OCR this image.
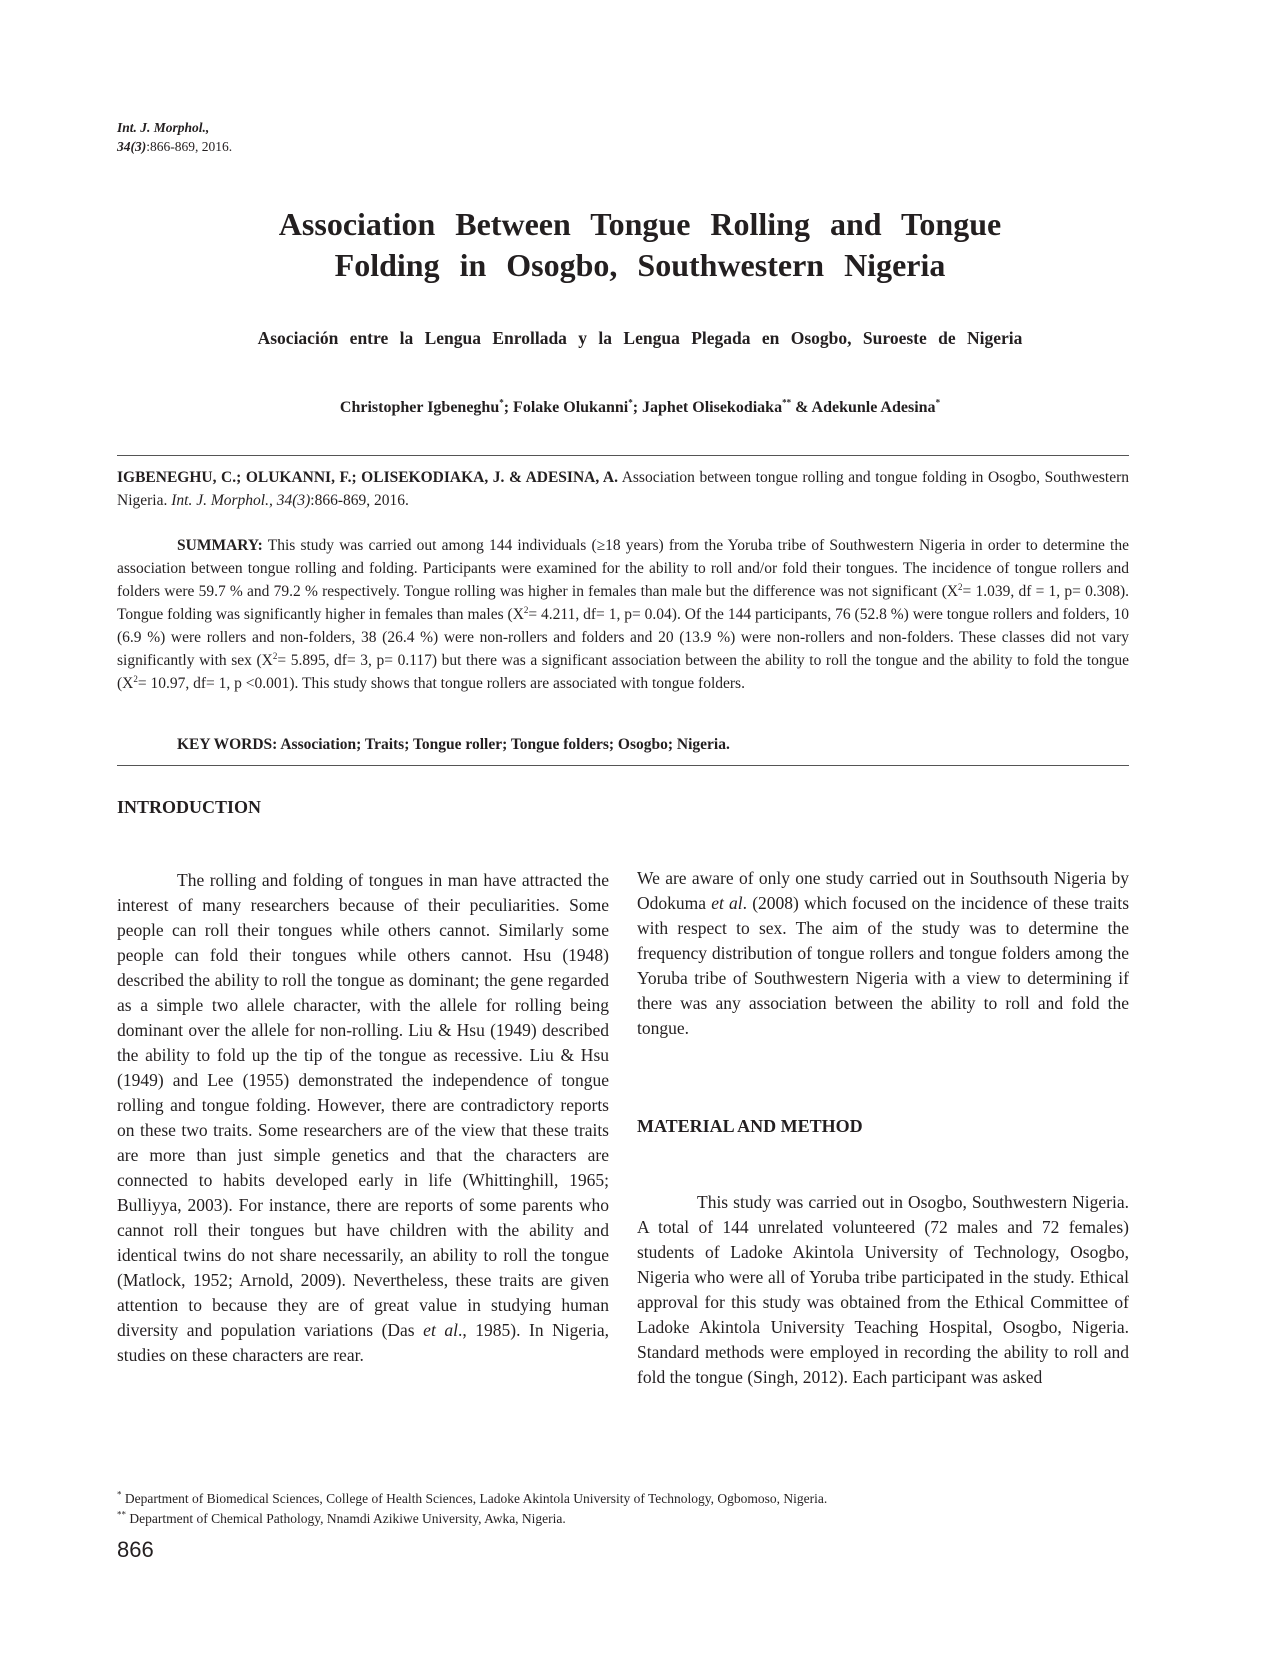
Int. J. Morphol.,
34(3):866-869, 2016.
Association Between Tongue Rolling and Tongue
Folding in Osogbo, Southwestern Nigeria
Asociación entre la Lengua Enrollada y la Lengua Plegada en Osogbo, Suroeste de Nigeria
Christopher Igbeneghu*; Folake Olukanni*; Japhet Olisekodiaka** & Adekunle Adesina*
IGBENEGHU, C.; OLUKANNI, F.; OLISEKODIAKA, J. & ADESINA, A. Association between tongue rolling and tongue folding in Osogbo, Southwestern Nigeria. Int. J. Morphol., 34(3):866-869, 2016.
SUMMARY: This study was carried out among 144 individuals (≥18 years) from the Yoruba tribe of Southwestern Nigeria in order to determine the association between tongue rolling and folding. Participants were examined for the ability to roll and/or fold their tongues. The incidence of tongue rollers and folders were 59.7 % and 79.2 % respectively. Tongue rolling was higher in females than male but the difference was not significant ($X^2= 1.039$, df = 1, p= 0.308). Tongue folding was significantly higher in females than males ($X^2= 4.211$, df= 1, p= 0.04). Of the 144 participants, 76 (52.8 %) were tongue rollers and folders, 10 (6.9 %) were rollers and non-folders, 38 (26.4 %) were non-rollers and folders and 20 (13.9 %) were non-rollers and non-folders. These classes did not vary significantly with sex ($X^2= 5.895$, df= 3, p= 0.117) but there was a significant association between the ability to roll the tongue and the ability to fold the tongue ($X^2= 10.97$, df= 1, p <0.001). This study shows that tongue rollers are associated with tongue folders.
KEY WORDS: Association; Traits; Tongue roller; Tongue folders; Osogbo; Nigeria.
INTRODUCTION
The rolling and folding of tongues in man have attracted the interest of many researchers because of their peculiarities. Some people can roll their tongues while others cannot. Similarly some people can fold their tongues while others cannot. Hsu (1948) described the ability to roll the tongue as dominant; the gene regarded as a simple two allele character, with the allele for rolling being dominant over the allele for non-rolling. Liu & Hsu (1949) described the ability to fold up the tip of the tongue as recessive. Liu & Hsu (1949) and Lee (1955) demonstrated the independence of tongue rolling and tongue folding. However, there are contradictory reports on these two traits. Some researchers are of the view that these traits are more than just simple genetics and that the characters are connected to habits developed early in life (Whittinghill, 1965; Bulliyya, 2003). For instance, there are reports of some parents who cannot roll their tongues but have children with the ability and identical twins do not share necessarily, an ability to roll the tongue (Matlock, 1952; Arnold, 2009). Nevertheless, these traits are given attention to because they are of great value in studying human diversity and population variations (Das et al., 1985). In Nigeria, studies on these characters are rear.
We are aware of only one study carried out in Southsouth Nigeria by Odokuma et al. (2008) which focused on the incidence of these traits with respect to sex. The aim of the study was to determine the frequency distribution of tongue rollers and tongue folders among the Yoruba tribe of Southwestern Nigeria with a view to determining if there was any association between the ability to roll and fold the tongue.
MATERIAL AND METHOD
This study was carried out in Osogbo, Southwestern Nigeria. A total of 144 unrelated volunteered (72 males and 72 females) students of Ladoke Akintola University of Technology, Osogbo, Nigeria who were all of Yoruba tribe participated in the study. Ethical approval for this study was obtained from the Ethical Committee of Ladoke Akintola University Teaching Hospital, Osogbo, Nigeria. Standard methods were employed in recording the ability to roll and fold the tongue (Singh, 2012). Each participant was asked
* Department of Biomedical Sciences, College of Health Sciences, Ladoke Akintola University of Technology, Ogbomoso, Nigeria.
** Department of Chemical Pathology, Nnamdi Azikiwe University, Awka, Nigeria.
866
